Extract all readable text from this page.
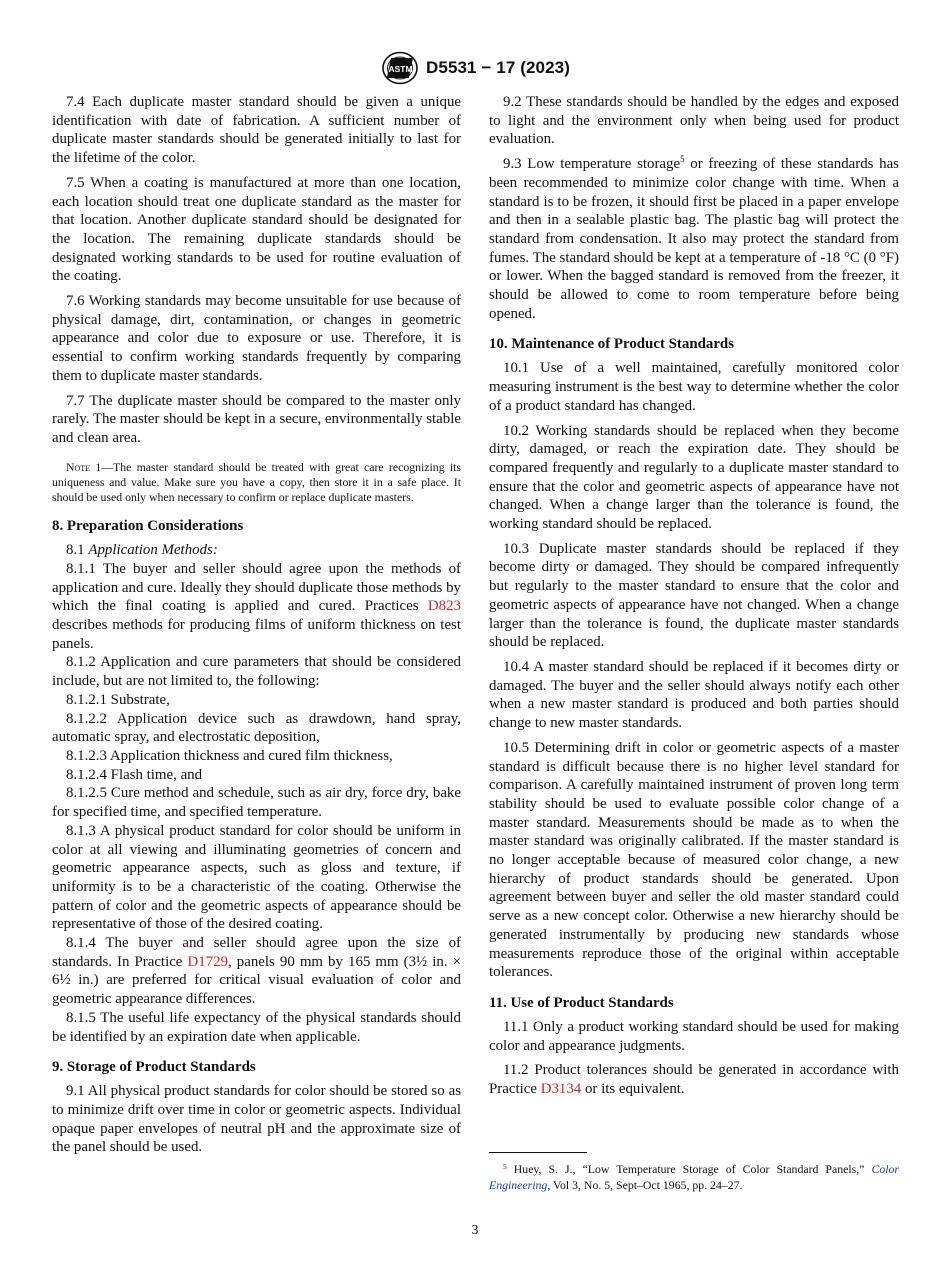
ASTM D5531 − 17 (2023)

7.4 Each duplicate master standard should be given a unique identification with date of fabrication. A sufficient number of duplicate master standards should be generated initially to last for the lifetime of the color.

7.5 When a coating is manufactured at more than one location, each location should treat one duplicate standard as the master for that location. Another duplicate standard should be designated for the location. The remaining duplicate standards should be designated working standards to be used for routine evaluation of the coating.

7.6 Working standards may become unsuitable for use because of physical damage, dirt, contamination, or changes in geometric appearance and color due to exposure or use. Therefore, it is essential to confirm working standards frequently by comparing them to duplicate master standards.

7.7 The duplicate master should be compared to the master only rarely. The master should be kept in a secure, environmentally stable and clean area.

Note 1—The master standard should be treated with great care recognizing its uniqueness and value. Make sure you have a copy, then store it in a safe place. It should be used only when necessary to confirm or replace duplicate masters.

8. Preparation Considerations

8.1 Application Methods:

8.1.1 The buyer and seller should agree upon the methods of application and cure. Ideally they should duplicate those methods by which the final coating is applied and cured. Practices D823 describes methods for producing films of uniform thickness on test panels.

8.1.2 Application and cure parameters that should be considered include, but are not limited to, the following:

8.1.2.1 Substrate,

8.1.2.2 Application device such as drawdown, hand spray, automatic spray, and electrostatic deposition,

8.1.2.3 Application thickness and cured film thickness,

8.1.2.4 Flash time, and

8.1.2.5 Cure method and schedule, such as air dry, force dry, bake for specified time, and specified temperature.

8.1.3 A physical product standard for color should be uniform in color at all viewing and illuminating geometries of concern and geometric appearance aspects, such as gloss and texture, if uniformity is to be a characteristic of the coating. Otherwise the pattern of color and the geometric aspects of appearance should be representative of those of the desired coating.

8.1.4 The buyer and seller should agree upon the size of standards. In Practice D1729, panels 90 mm by 165 mm (3½ in. × 6½ in.) are preferred for critical visual evaluation of color and geometric appearance differences.

8.1.5 The useful life expectancy of the physical standards should be identified by an expiration date when applicable.

9. Storage of Product Standards

9.1 All physical product standards for color should be stored so as to minimize drift over time in color or geometric aspects. Individual opaque paper envelopes of neutral pH and the approximate size of the panel should be used.

9.2 These standards should be handled by the edges and exposed to light and the environment only when being used for product evaluation.

9.3 Low temperature storage$^5$ or freezing of these standards has been recommended to minimize color change with time. When a standard is to be frozen, it should first be placed in a paper envelope and then in a sealable plastic bag. The plastic bag will protect the standard from condensation. It also may protect the standard from fumes. The standard should be kept at a temperature of -18 °C (0 °F) or lower. When the bagged standard is removed from the freezer, it should be allowed to come to room temperature before being opened.

10. Maintenance of Product Standards

10.1 Use of a well maintained, carefully monitored color measuring instrument is the best way to determine whether the color of a product standard has changed.

10.2 Working standards should be replaced when they become dirty, damaged, or reach the expiration date. They should be compared frequently and regularly to a duplicate master standard to ensure that the color and geometric aspects of appearance have not changed. When a change larger than the tolerance is found, the working standard should be replaced.

10.3 Duplicate master standards should be replaced if they become dirty or damaged. They should be compared infrequently but regularly to the master standard to ensure that the color and geometric aspects of appearance have not changed. When a change larger than the tolerance is found, the duplicate master standards should be replaced.

10.4 A master standard should be replaced if it becomes dirty or damaged. The buyer and the seller should always notify each other when a new master standard is produced and both parties should change to new master standards.

10.5 Determining drift in color or geometric aspects of a master standard is difficult because there is no higher level standard for comparison. A carefully maintained instrument of proven long term stability should be used to evaluate possible color change of a master standard. Measurements should be made as to when the master standard was originally calibrated. If the master standard is no longer acceptable because of measured color change, a new hierarchy of product standards should be generated. Upon agreement between buyer and seller the old master standard could serve as a new concept color. Otherwise a new hierarchy should be generated instrumentally by producing new standards whose measurements reproduce those of the original within acceptable tolerances.

11. Use of Product Standards

11.1 Only a product working standard should be used for making color and appearance judgments.

11.2 Product tolerances should be generated in accordance with Practice D3134 or its equivalent.

$^5$ Huey, S. J., “Low Temperature Storage of Color Standard Panels,” Color Engineering, Vol 3, No. 5, Sept–Oct 1965, pp. 24–27.
3
